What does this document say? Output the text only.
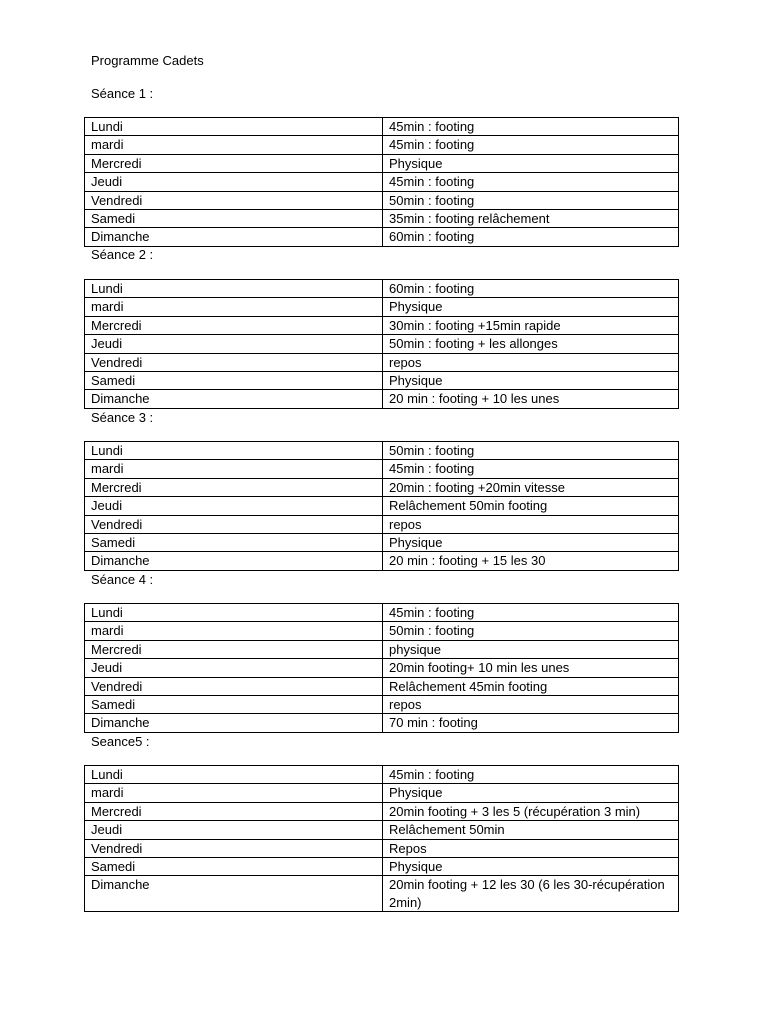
Programme Cadets
Séance 1 :
Lundi	45min : footing
mardi	45min : footing
Mercredi	Physique
Jeudi	45min : footing
Vendredi	50min : footing
Samedi	35min : footing relâchement
Dimanche	60min : footing
Séance 2 :
Lundi	60min : footing
mardi	Physique
Mercredi	30min : footing +15min rapide
Jeudi	50min : footing + les allonges
Vendredi	repos
Samedi	Physique
Dimanche	20 min : footing + 10 les unes
Séance 3 :
Lundi	50min : footing
mardi	45min : footing
Mercredi	20min : footing +20min vitesse
Jeudi	Relâchement 50min footing
Vendredi	repos
Samedi	Physique
Dimanche	20 min : footing + 15 les 30
Séance 4 :
Lundi	45min : footing
mardi	50min : footing
Mercredi	physique
Jeudi	20min footing+ 10 min les unes
Vendredi	Relâchement 45min footing
Samedi	repos
Dimanche	70 min : footing
Seance5 :
Lundi	45min : footing
mardi	Physique
Mercredi	20min footing + 3 les 5 (récupération 3 min)
Jeudi	Relâchement 50min
Vendredi	Repos
Samedi	Physique
Dimanche	20min footing + 12 les 30 (6 les 30-récupération 2min)
